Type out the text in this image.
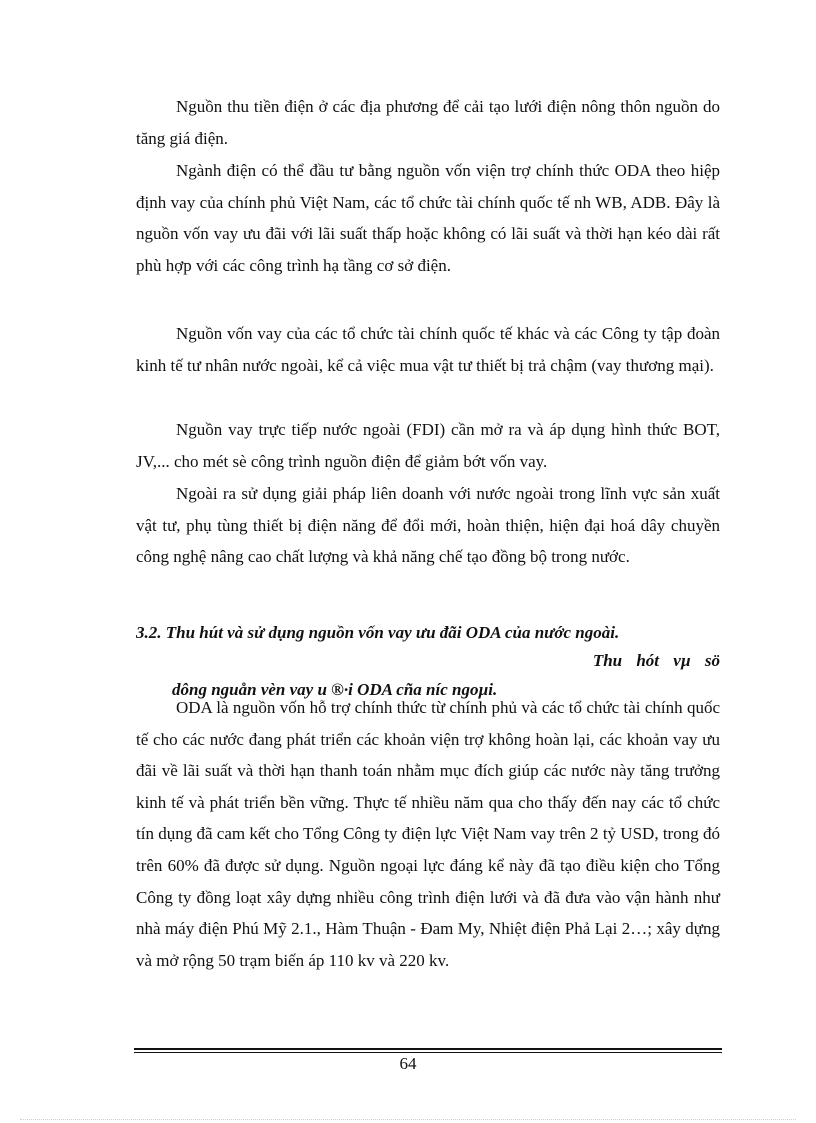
Nguồn thu tiền điện ở các địa phương để cải tạo lưới điện nông thôn nguồn do tăng giá điện.

Ngành điện có thể đầu tư bằng nguồn vốn viện trợ chính thức ODA theo hiệp định vay của chính phủ Việt Nam, các tổ chức tài chính quốc tế nh WB, ADB. Đây là nguồn vốn vay ưu đãi với lãi suất thấp hoặc không có lãi suất và thời hạn kéo dài rất phù hợp với các công trình hạ tầng cơ sở điện.

Nguồn vốn vay của các tổ chức tài chính quốc tế khác và các Công ty tập đoàn kinh tế tư nhân nước ngoài, kể cả việc mua vật tư thiết bị trả chậm (vay thương mại).

Nguồn vay trực tiếp nước ngoài (FDI) cần mở ra và áp dụng hình thức BOT, JV,... cho mét sè công trình nguồn điện để giảm bớt vốn vay.

Ngoài ra sử dụng giải pháp liên doanh với nước ngoài trong lĩnh vực sản xuất vật tư, phụ tùng thiết bị điện năng để đổi mới, hoàn thiện, hiện đại hoá dây chuyền công nghệ nâng cao chất lượng và khả năng chế tạo đồng bộ trong nước.

3.2. Thu hút và sử dụng nguồn vốn vay ưu đãi ODA của nước ngoài.

Thu hót vµ sö
dông nguån vèn vay u ®·i ODA cña níc ngoµi.

ODA là nguồn vốn hỗ trợ chính thức từ chính phủ và các tổ chức tài chính quốc tế cho các nước đang phát triển các khoản viện trợ không hoàn lại, các khoản vay ưu đãi về lãi suất và thời hạn thanh toán nhằm mục đích giúp các nước này tăng trưởng kinh tế và phát triển bền vững. Thực tế nhiều năm qua cho thấy đến nay các tổ chức tín dụng đã cam kết cho Tổng Công ty điện lực Việt Nam vay trên 2 tỷ USD, trong đó trên 60% đã được sử dụng. Nguồn ngoại lực đáng kể này đã tạo điều kiện cho Tổng Công ty đồng loạt xây dựng nhiều công trình điện lưới và đã đưa vào vận hành như nhà máy điện Phú Mỹ 2.1., Hàm Thuận - Đam My, Nhiệt điện Phả Lại 2…; xây dựng và mở rộng 50 trạm biến áp 110 kv và 220 kv.

64
